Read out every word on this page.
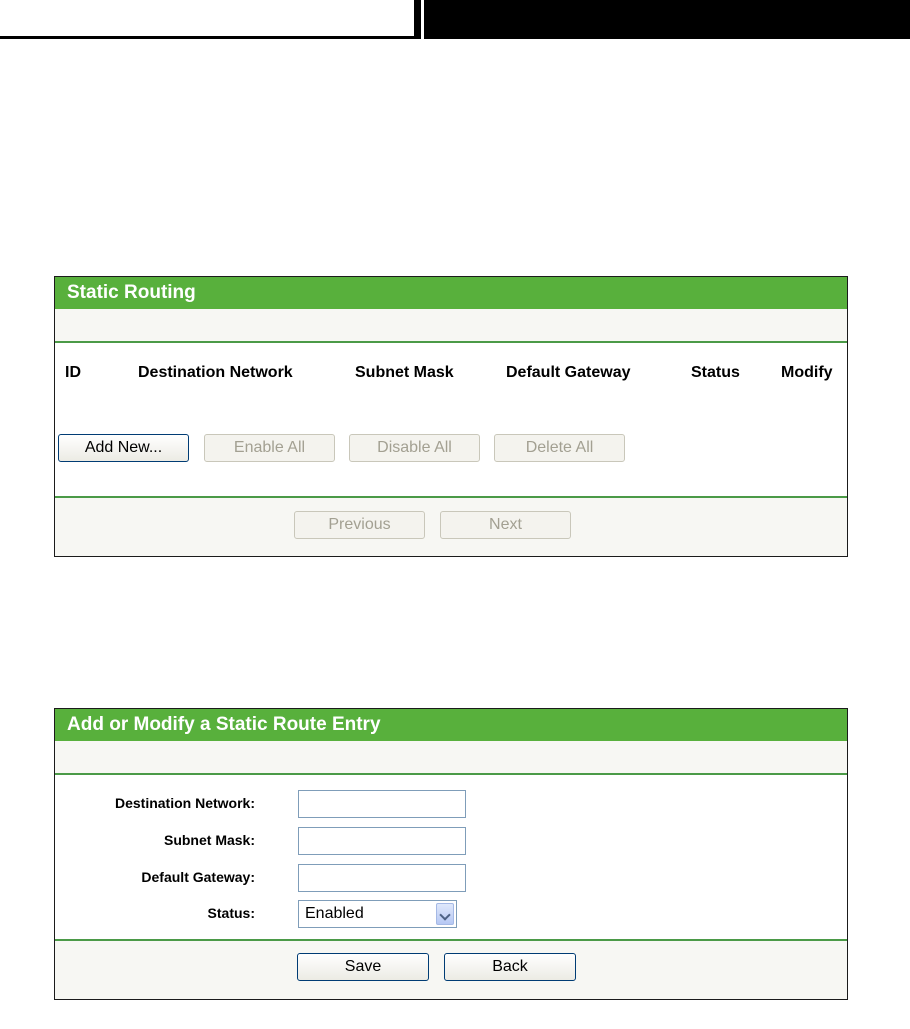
Static Routing
ID	Destination Network	Subnet Mask	Default Gateway	Status	Modify
Add New...	Enable All	Disable All	Delete All
Previous	Next
Add or Modify a Static Route Entry
Destination Network:
Subnet Mask:
Default Gateway:
Status:	Enabled
Save	Back
